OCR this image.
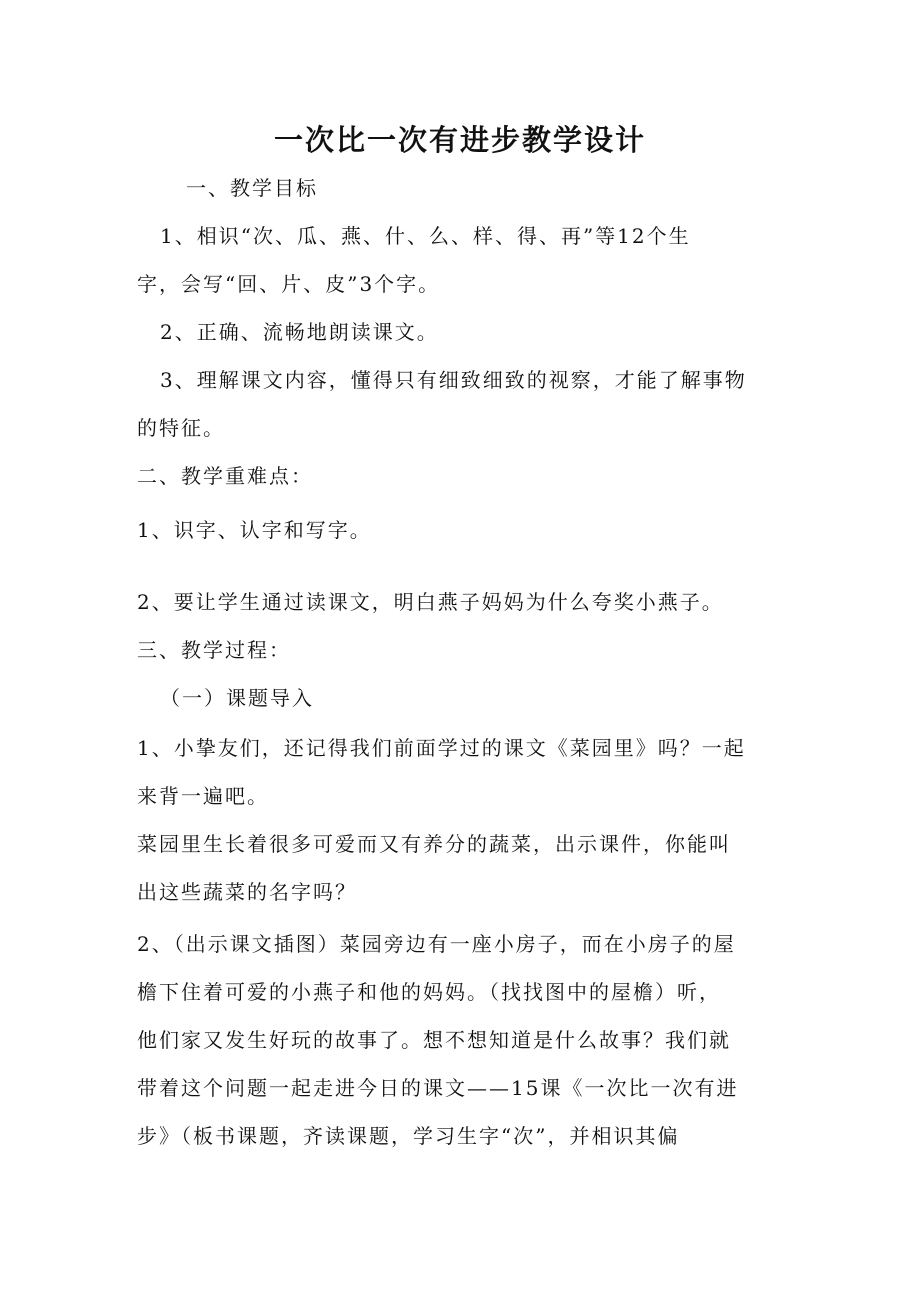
一次比一次有进步教学设计
一、教学目标
1、相识“次、瓜、燕、什、么、样、得、再”等12个生
字，会写“回、片、皮”3个字。
2、正确、流畅地朗读课文。
3、理解课文内容，懂得只有细致细致的视察，才能了解事物
的特征。
二、教学重难点：
1、识字、认字和写字。
2、要让学生通过读课文，明白燕子妈妈为什么夸奖小燕子。
三、教学过程：
（一）课题导入
1、小挚友们，还记得我们前面学过的课文《菜园里》吗？一起
来背一遍吧。
菜园里生长着很多可爱而又有养分的蔬菜，出示课件，你能叫
出这些蔬菜的名字吗？
2、（出示课文插图）菜园旁边有一座小房子，而在小房子的屋
檐下住着可爱的小燕子和他的妈妈。（找找图中的屋檐）听，
他们家又发生好玩的故事了。想不想知道是什么故事？我们就
带着这个问题一起走进今日的课文——15课《一次比一次有进
步》（板书课题，齐读课题，学习生字“次”，并相识其偏
